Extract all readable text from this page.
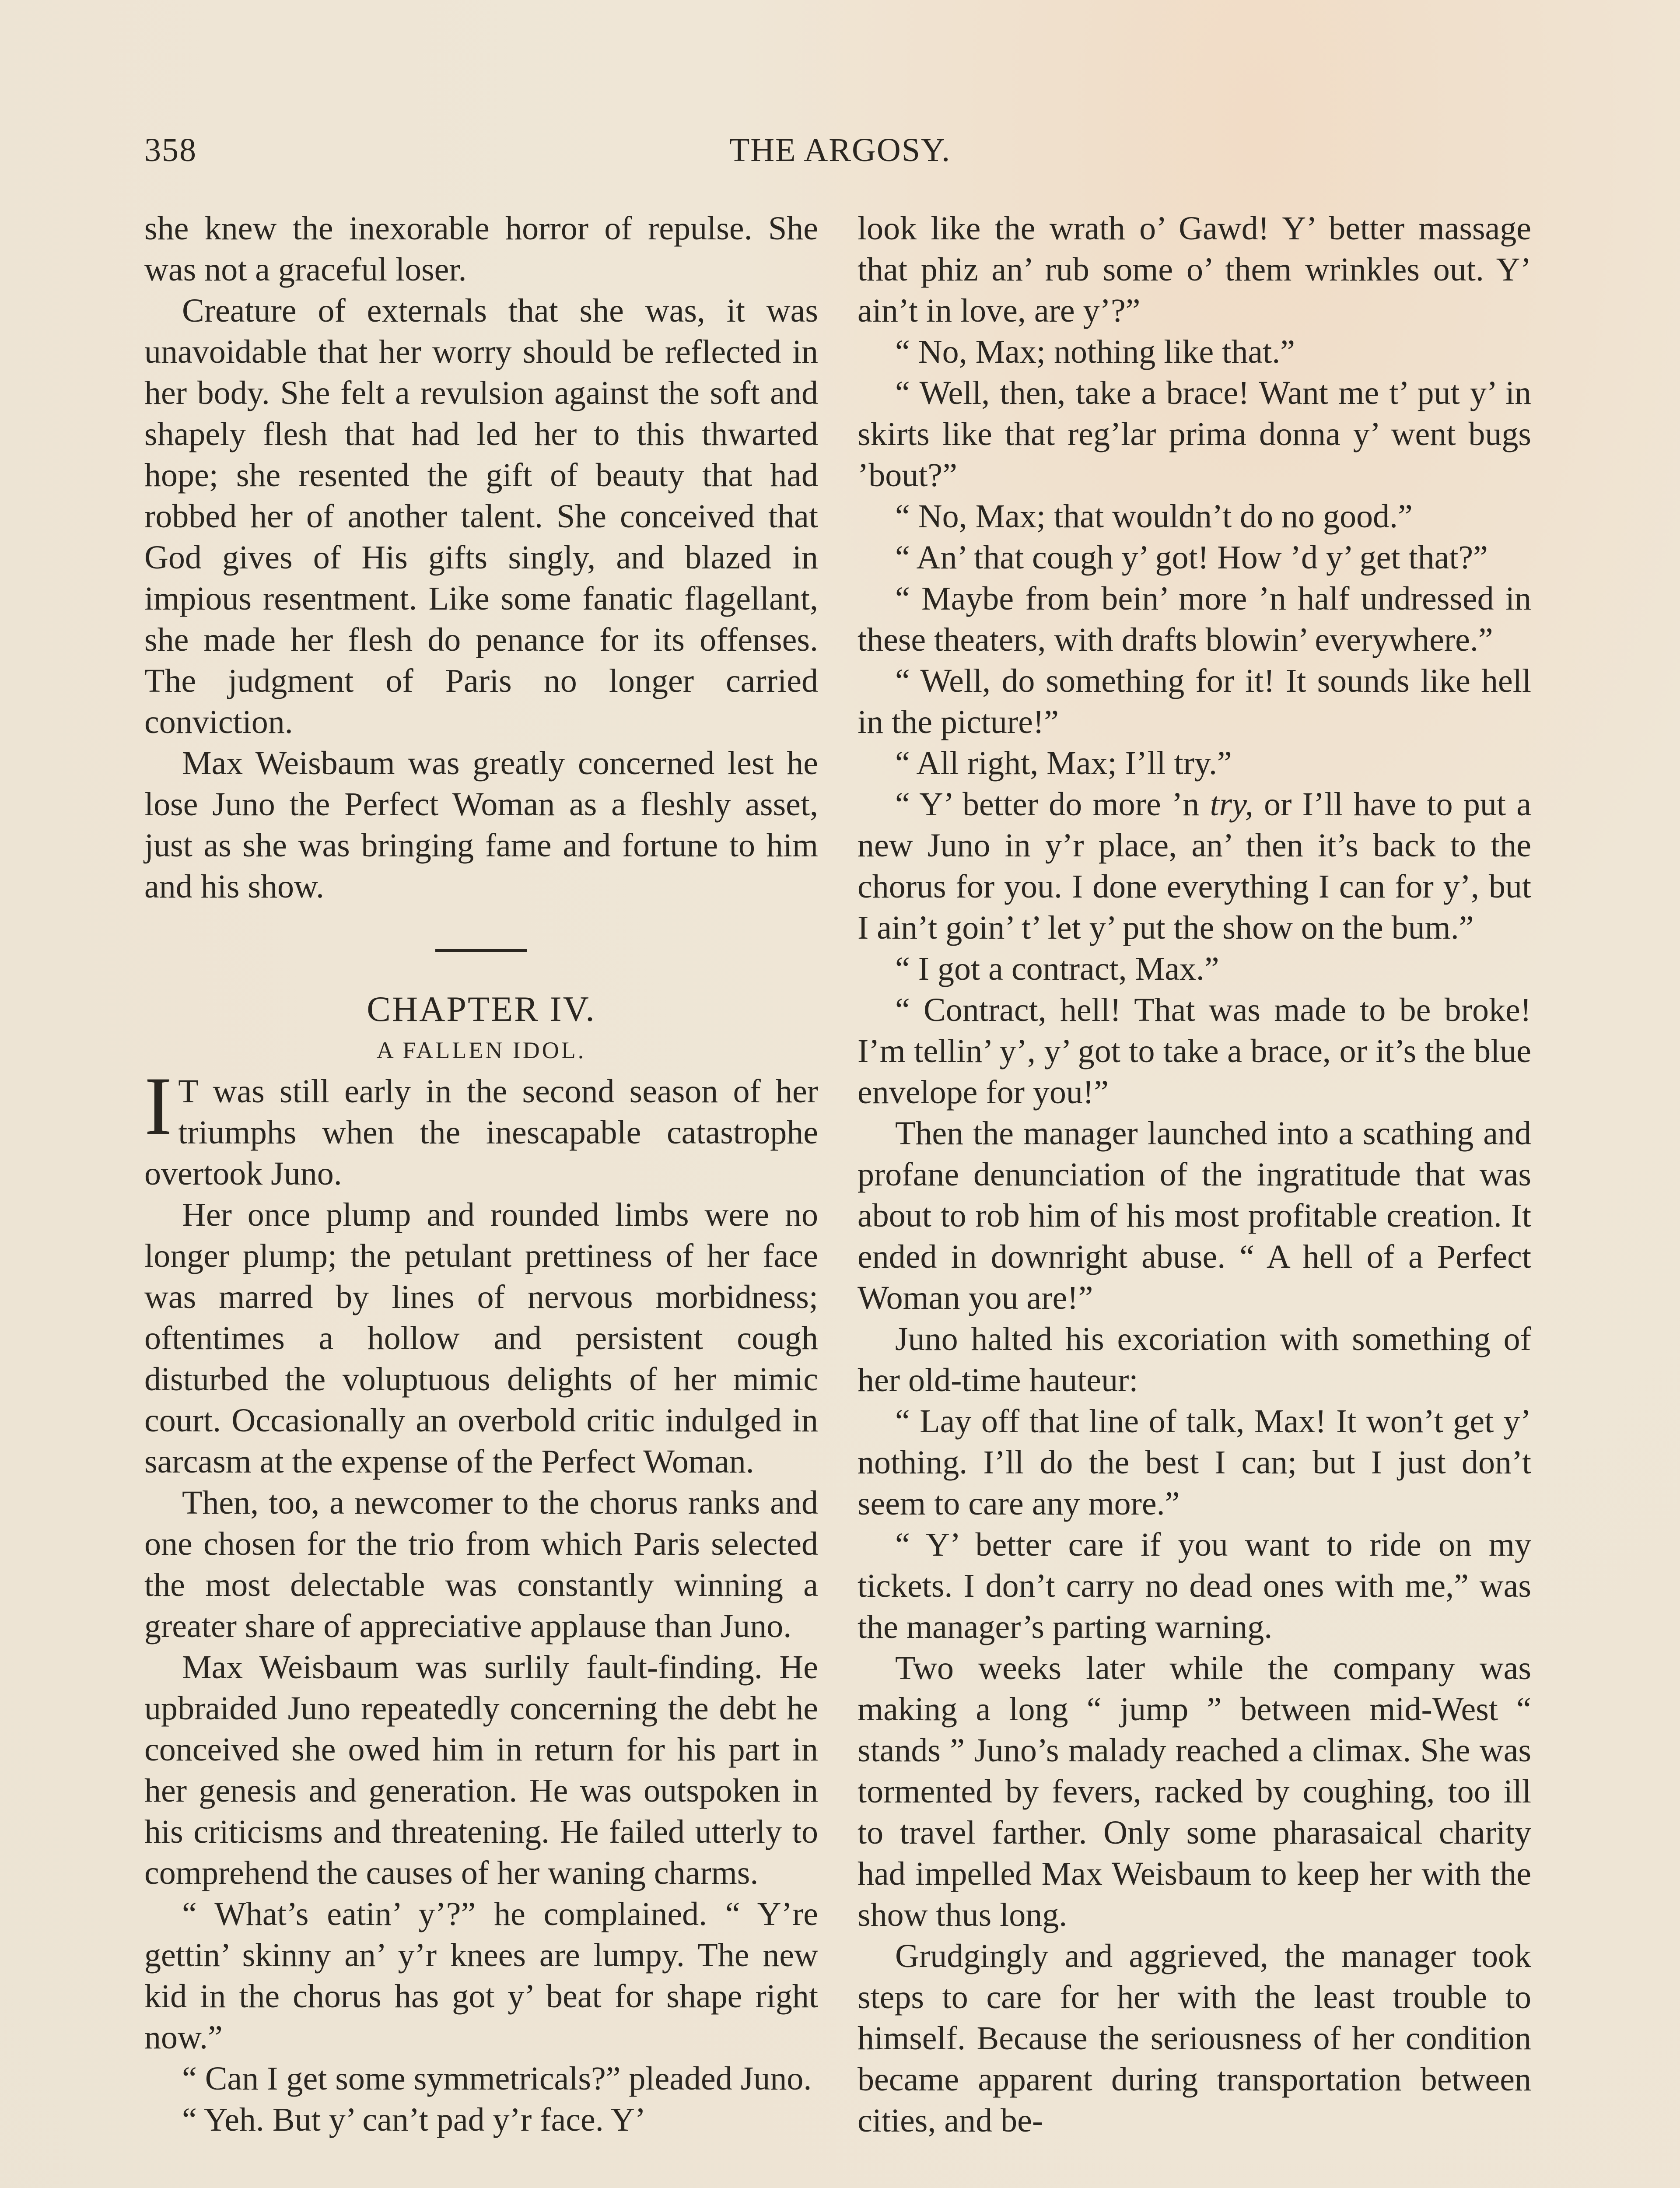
358	THE ARGOSY.

she knew the inexorable horror of repulse. She was not a graceful loser.

Creature of externals that she was, it was unavoidable that her worry should be reflected in her body. She felt a revulsion against the soft and shapely flesh that had led her to this thwarted hope; she resented the gift of beauty that had robbed her of another talent. She conceived that God gives of His gifts singly, and blazed in impious resentment. Like some fanatic flagellant, she made her flesh do penance for its offenses. The judgment of Paris no longer carried conviction.

Max Weisbaum was greatly concerned lest he lose Juno the Perfect Woman as a fleshly asset, just as she was bringing fame and fortune to him and his show.

CHAPTER IV.

A FALLEN IDOL.

I T was still early in the second season of her triumphs when the inescapable catastrophe overtook Juno.

Her once plump and rounded limbs were no longer plump; the petulant prettiness of her face was marred by lines of nervous morbidness; oftentimes a hollow and persistent cough disturbed the voluptuous delights of her mimic court. Occasionally an overbold critic indulged in sarcasm at the expense of the Perfect Woman.

Then, too, a newcomer to the chorus ranks and one chosen for the trio from which Paris selected the most delectable was constantly winning a greater share of appreciative applause than Juno.

Max Weisbaum was surlily fault-finding. He upbraided Juno repeatedly concerning the debt he conceived she owed him in return for his part in her genesis and generation. He was outspoken in his criticisms and threatening. He failed utterly to comprehend the causes of her waning charms.

“ What’s eatin’ y’?” he complained. “ Y’re gettin’ skinny an’ y’r knees are lumpy. The new kid in the chorus has got y’ beat for shape right now.”

“ Can I get some symmetricals?” pleaded Juno.

“ Yeh. But y’ can’t pad y’r face. Y’

look like the wrath o’ Gawd! Y’ better massage that phiz an’ rub some o’ them wrinkles out. Y’ ain’t in love, are y’?”

“ No, Max; nothing like that.”

“ Well, then, take a brace! Want me t’ put y’ in skirts like that reg’lar prima donna y’ went bugs ’bout?”

“ No, Max; that wouldn’t do no good.”

“ An’ that cough y’ got! How ’d y’ get that?”

“ Maybe from bein’ more ’n half undressed in these theaters, with drafts blowin’ everywhere.”

“ Well, do something for it! It sounds like hell in the picture!”

“ All right, Max; I’ll try.”

“ Y’ better do more ’n try, or I’ll have to put a new Juno in y’r place, an’ then it’s back to the chorus for you. I done everything I can for y’, but I ain’t goin’ t’ let y’ put the show on the bum.”

“ I got a contract, Max.”

“ Contract, hell! That was made to be broke! I’m tellin’ y’, y’ got to take a brace, or it’s the blue envelope for you!”

Then the manager launched into a scathing and profane denunciation of the ingratitude that was about to rob him of his most profitable creation. It ended in downright abuse. “ A hell of a Perfect Woman you are!”

Juno halted his excoriation with something of her old-time hauteur:

“ Lay off that line of talk, Max! It won’t get y’ nothing. I’ll do the best I can; but I just don’t seem to care any more.”

“ Y’ better care if you want to ride on my tickets. I don’t carry no dead ones with me,” was the manager’s parting warning.

Two weeks later while the company was making a long “ jump ” between mid-West “ stands ” Juno’s malady reached a climax. She was tormented by fevers, racked by coughing, too ill to travel farther. Only some pharasaical charity had impelled Max Weisbaum to keep her with the show thus long.

Grudgingly and aggrieved, the manager took steps to care for her with the least trouble to himself. Because the seriousness of her condition became apparent during transportation between cities, and be-
